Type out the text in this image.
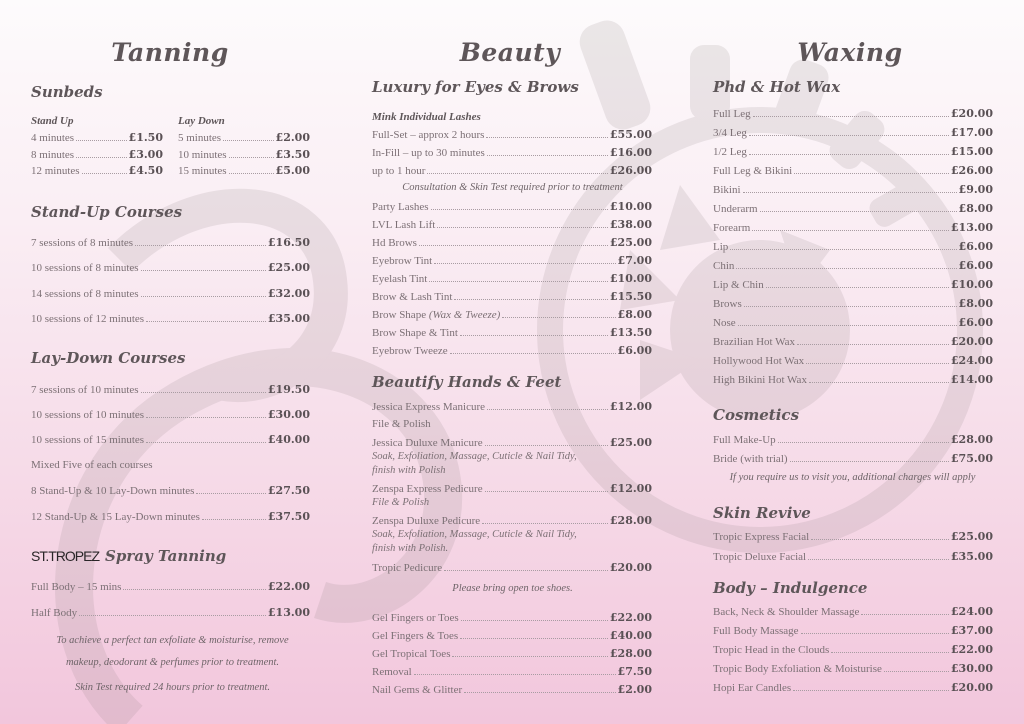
Tanning
Sunbeds
Stand Up	Lay Down
4 minutes	£1.50
8 minutes	£3.00
12 minutes	£4.50
5 minutes	£2.00
10 minutes	£3.50
15 minutes	£5.00
Stand-Up Courses
7 sessions of 8 minutes	£16.50
10 sessions of 8 minutes	£25.00
14 sessions of 8 minutes	£32.00
10 sessions of 12 minutes	£35.00
Lay-Down Courses
7 sessions of 10 minutes	£19.50
10 sessions of 10 minutes	£30.00
10 sessions of 15 minutes	£40.00
Mixed Five of each courses
8 Stand-Up & 10 Lay-Down minutes	£27.50
12 Stand-Up & 15 Lay-Down minutes	£37.50
ST.TROPEZ Spray Tanning
Full Body – 15 mins	£22.00
Half Body	£13.00
To achieve a perfect tan exfoliate & moisturise, remove
makeup, deodorant & perfumes prior to treatment.
Skin Test required 24 hours prior to treatment.
Beauty
Luxury for Eyes & Brows
Mink Individual Lashes
Full-Set – approx 2 hours	£55.00
In-Fill – up to 30 minutes	£16.00
up to 1 hour	£26.00
Consultation & Skin Test required prior to treatment
Party Lashes	£10.00
LVL Lash Lift	£38.00
Hd Brows	£25.00
Eyebrow Tint	£7.00
Eyelash Tint	£10.00
Brow & Lash Tint	£15.50
Brow Shape (Wax & Tweeze)	£8.00
Brow Shape & Tint	£13.50
Eyebrow Tweeze	£6.00
Beautify Hands & Feet
Jessica Express Manicure	£12.00
File & Polish
Jessica Duluxe Manicure	£25.00
Soak, Exfoliation, Massage, Cuticle & Nail Tidy,
finish with Polish
Zenspa Express Pedicure	£12.00
File & Polish
Zenspa Duluxe Pedicure	£28.00
Soak, Exfoliation, Massage, Cuticle & Nail Tidy,
finish with Polish.
Tropic Pedicure	£20.00
Please bring open toe shoes.
Gel Fingers or Toes	£22.00
Gel Fingers & Toes	£40.00
Gel Tropical Toes	£28.00
Removal	£7.50
Nail Gems & Glitter	£2.00
Waxing
Phd & Hot Wax
Full Leg	£20.00
3/4 Leg	£17.00
1/2 Leg	£15.00
Full Leg & Bikini	£26.00
Bikini	£9.00
Underarm	£8.00
Forearm	£13.00
Lip	£6.00
Chin	£6.00
Lip & Chin	£10.00
Brows	£8.00
Nose	£6.00
Brazilian Hot Wax	£20.00
Hollywood Hot Wax	£24.00
High Bikini Hot Wax	£14.00
Cosmetics
Full Make-Up	£28.00
Bride (with trial)	£75.00
If you require us to visit you, additional charges will apply
Skin Revive
Tropic Express Facial	£25.00
Tropic Deluxe Facial	£35.00
Body – Indulgence
Back, Neck & Shoulder Massage	£24.00
Full Body Massage	£37.00
Tropic Head in the Clouds	£22.00
Tropic Body Exfoliation & Moisturise	£30.00
Hopi Ear Candles	£20.00
